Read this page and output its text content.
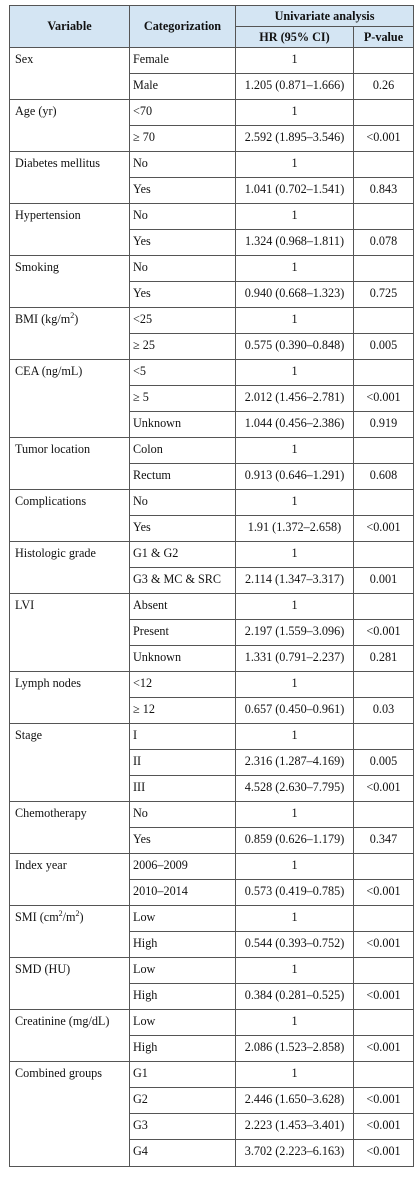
Variable	Categorization	Univariate analysis	
		HR (95% CI)	P-value
Sex	Female	1	
	Male	1.205 (0.871–1.666)	0.26
Age (yr)	<70	1	
	≥ 70	2.592 (1.895–3.546)	<0.001
Diabetes mellitus	No	1	
	Yes	1.041 (0.702–1.541)	0.843
Hypertension	No	1	
	Yes	1.324 (0.968–1.811)	0.078
Smoking	No	1	
	Yes	0.940 (0.668–1.323)	0.725
BMI $(kg/m^2)$	<25	1	
	≥ 25	0.575 (0.390–0.848)	0.005
CEA (ng/mL)	<5	1	
	≥ 5	2.012 (1.456–2.781)	<0.001
	Unknown	1.044 (0.456–2.386)	0.919
Tumor location	Colon	1	
	Rectum	0.913 (0.646–1.291)	0.608
Complications	No	1	
	Yes	1.91 (1.372–2.658)	<0.001
Histologic grade	G1 & G2	1	
	G3 & MC & SRC	2.114 (1.347–3.317)	0.001
LVI	Absent	1	
	Present	2.197 (1.559–3.096)	<0.001
	Unknown	1.331 (0.791–2.237)	0.281
Lymph nodes	<12	1	
	≥ 12	0.657 (0.450–0.961)	0.03
Stage	I	1	
	II	2.316 (1.287–4.169)	0.005
	III	4.528 (2.630–7.795)	<0.001
Chemotherapy	No	1	
	Yes	0.859 (0.626–1.179)	0.347
Index year	2006–2009	1	
	2010–2014	0.573 (0.419–0.785)	<0.001
SMI $(cm^2/m^2)$	Low	1	
	High	0.544 (0.393–0.752)	<0.001
SMD (HU)	Low	1	
	High	0.384 (0.281–0.525)	<0.001
Creatinine (mg/dL)	Low	1	
	High	2.086 (1.523–2.858)	<0.001
Combined groups	G1	1	
	G2	2.446 (1.650–3.628)	<0.001
	G3	2.223 (1.453–3.401)	<0.001
	G4	3.702 (2.223–6.163)	<0.001
